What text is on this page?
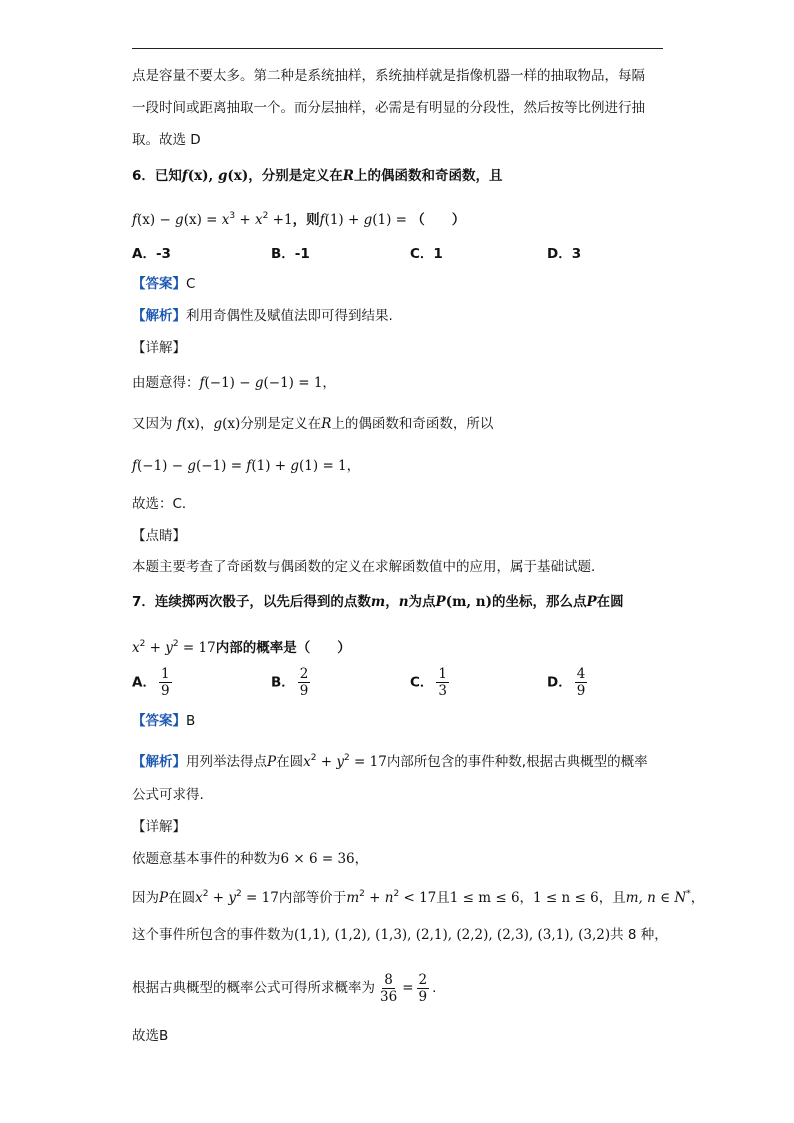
点是容量不要太多。第二种是系统抽样，系统抽样就是指像机器一样的抽取物品，每隔
一段时间或距离抽取一个。而分层抽样，必需是有明显的分段性，然后按等比例进行抽
取。故选 D
6．已知f(x), g(x)，分别是定义在R上的偶函数和奇函数，且
$f(x) - g(x) = x^3 + x^2 +1$，则f(1) + g(1) = （　　）
A．-3	B．-1	C．1	D．3
【答案】C
【解析】利用奇偶性及赋值法即可得到结果.
【详解】
由题意得：f(−1) − g(−1) = 1，
又因为 f(x)，g(x)分别是定义在R上的偶函数和奇函数，所以
f(−1) − g(−1) = f(1) + g(1) = 1，
故选：C．
【点睛】
本题主要考查了奇函数与偶函数的定义在求解函数值中的应用，属于基础试题．
7．连续掷两次骰子，以先后得到的点数m，n为点P(m, n)的坐标，那么点P在圆
$x^2 + y^2 = 17$内部的概率是（　　）
A． $\frac{1}{9}$	B． $\frac{2}{9}$	C． $\frac{1}{3}$	D． $\frac{4}{9}$
【答案】B
【解析】用列举法得点P在圆$x^2 + y^2 = 17$内部所包含的事件种数,根据古典概型的概率
公式可求得.
【详解】
依题意基本事件的种数为6 × 6 = 36，
因为P在圆$x^2 + y^2 = 17$内部等价于$m^2 + n^2 < 17$且1 ≤ m ≤ 6，1 ≤ n ≤ 6，且m, n ∈ N*，
这个事件所包含的事件数为(1,1), (1,2), (1,3), (2,1), (2,2), (2,3), (3,1), (3,2)共 8 种，
根据古典概型的概率公式可得所求概率为 $\frac{8}{36} = \frac{2}{9}$ .
故选B
